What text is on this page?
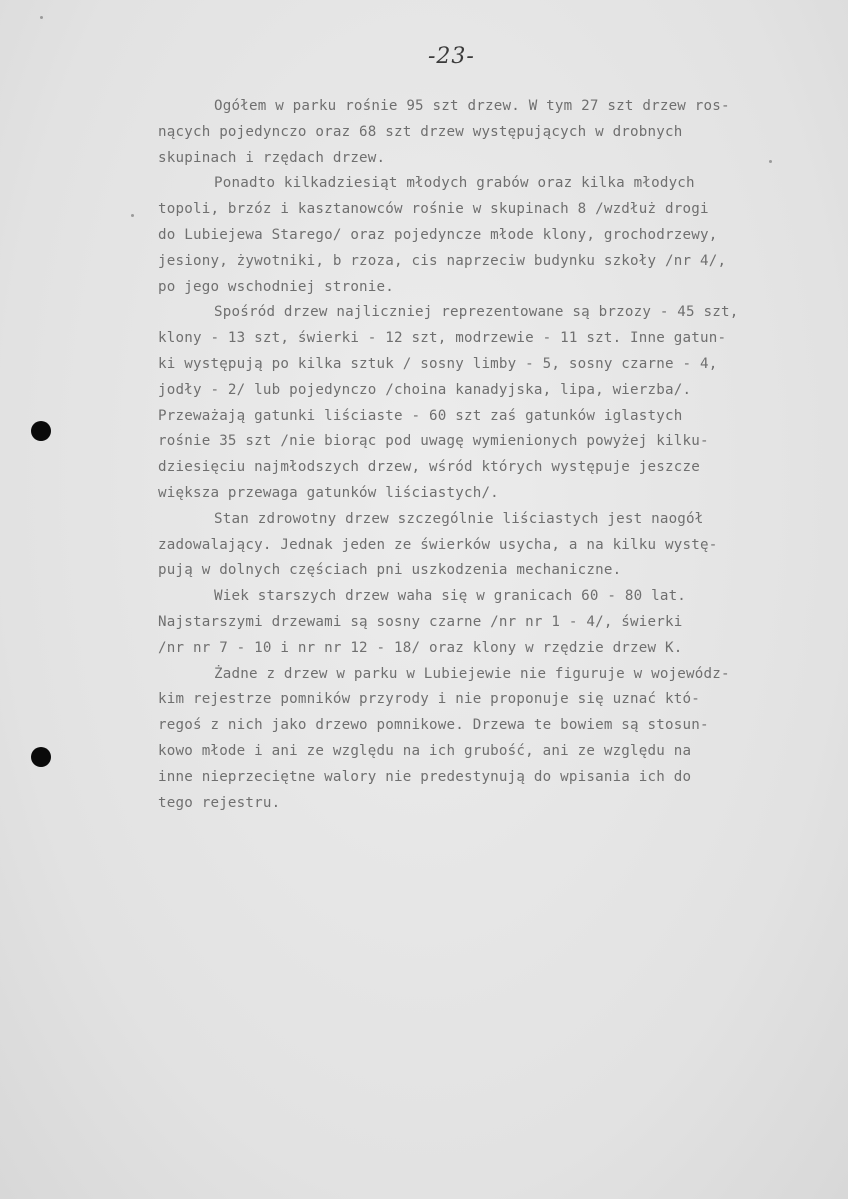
-23-
Ogółem w parku rośnie 95 szt drzew. W tym 27 szt drzew ros-
nących pojedynczo oraz 68 szt drzew występujących w drobnych
skupinach i rzędach drzew.
Ponadto kilkadziesiąt młodych grabów oraz kilka młodych
topoli, brzóz i kasztanowców rośnie w skupinach 8 /wzdłuż drogi
do Lubiejewa Starego/ oraz pojedyncze młode klony, grochodrzewy,
jesiony, żywotniki, b rzoza, cis naprzeciw budynku szkoły /nr 4/,
po jego wschodniej stronie.
Spośród drzew najliczniej reprezentowane są brzozy - 45 szt,
klony - 13 szt, świerki - 12 szt, modrzewie - 11 szt. Inne gatun-
ki występują po kilka sztuk / sosny limby - 5, sosny czarne - 4,
jodły - 2/ lub pojedynczo /choina kanadyjska, lipa, wierzba/.
Przeważają gatunki liściaste - 60 szt zaś gatunków iglastych
rośnie 35 szt /nie biorąc pod uwagę wymienionych powyżej kilku-
dziesięciu najmłodszych drzew, wśród których występuje jeszcze
większa przewaga gatunków liściastych/.
Stan zdrowotny drzew szczególnie liściastych jest naogół
zadowalający. Jednak jeden ze świerków usycha, a na kilku wystę-
pują w dolnych częściach pni uszkodzenia mechaniczne.
Wiek starszych drzew waha się w granicach 60 - 80 lat.
Najstarszymi drzewami są sosny czarne /nr nr 1 - 4/, świerki
/nr nr 7 - 10 i nr nr 12 - 18/ oraz klony w rzędzie drzew K.
Żadne z drzew w parku w Lubiejewie nie figuruje w wojewódz-
kim rejestrze pomników przyrody i nie proponuje się uznać któ-
regoś z nich jako drzewo pomnikowe. Drzewa te bowiem są stosun-
kowo młode i ani ze względu na ich grubość, ani ze względu na
inne nieprzeciętne walory nie predestynują do wpisania ich do
tego rejestru.
